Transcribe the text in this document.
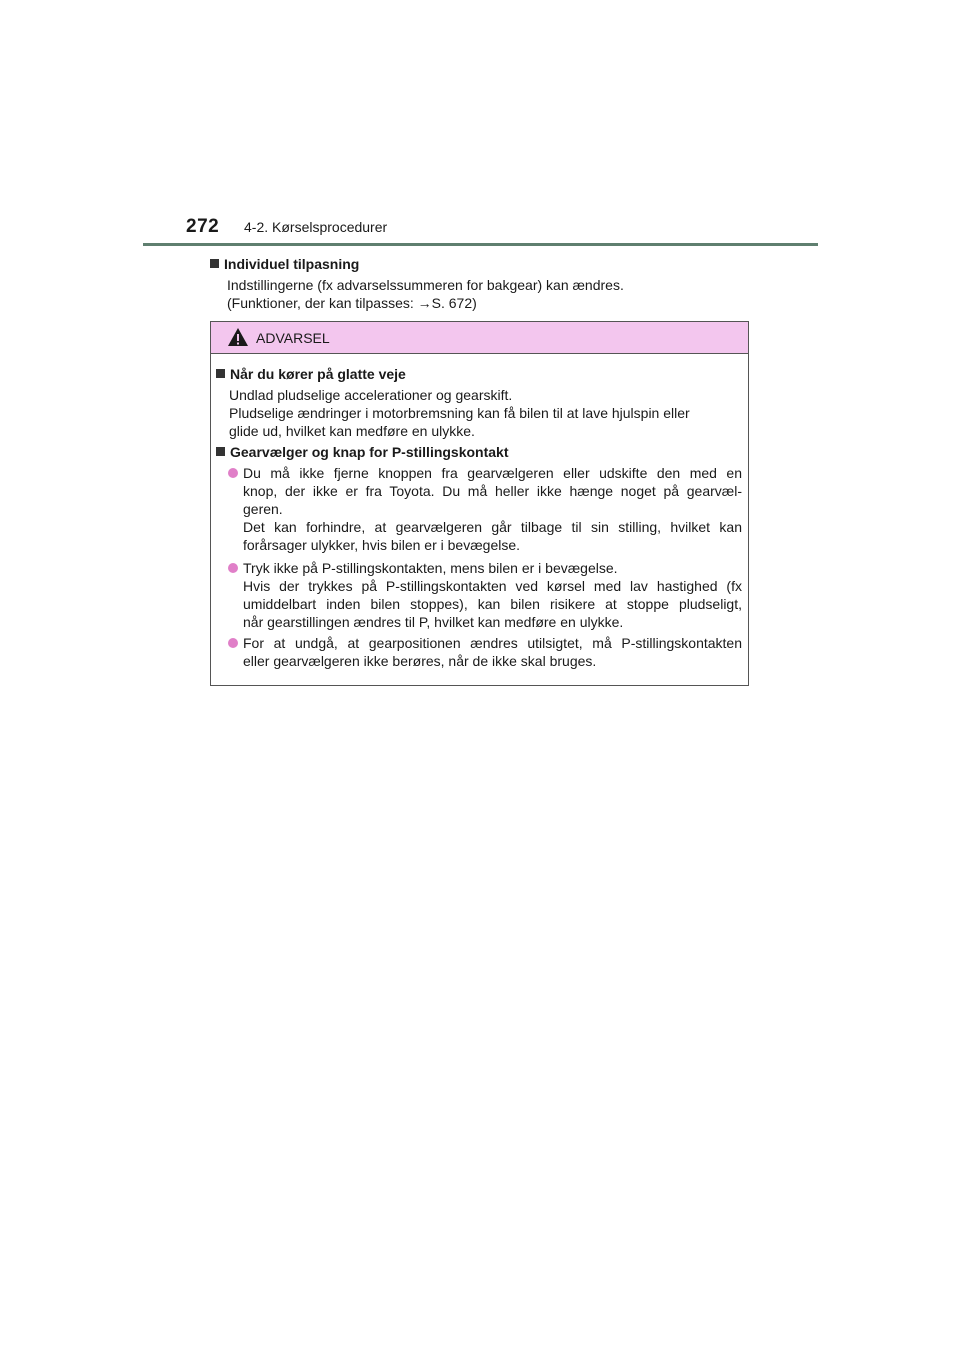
272	4-2. Kørselsprocedurer
Individuel tilpasning
Indstillingerne (fx advarselssummeren for bakgear) kan ændres.
(Funktioner, der kan tilpasses: →S. 672)
ADVARSEL
Når du kører på glatte veje
Undlad pludselige accelerationer og gearskift.
Pludselige ændringer i motorbremsning kan få bilen til at lave hjulspin eller
glide ud, hvilket kan medføre en ulykke.
Gearvælger og knap for P-stillingskontakt
Du må ikke fjerne knoppen fra gearvælgeren eller udskifte den med en
knop, der ikke er fra Toyota. Du må heller ikke hænge noget på gearvæl-
geren.
Det kan forhindre, at gearvælgeren går tilbage til sin stilling, hvilket kan
forårsager ulykker, hvis bilen er i bevægelse.
Tryk ikke på P-stillingskontakten, mens bilen er i bevægelse.
Hvis der trykkes på P-stillingskontakten ved kørsel med lav hastighed (fx
umiddelbart inden bilen stoppes), kan bilen risikere at stoppe pludseligt,
når gearstillingen ændres til P, hvilket kan medføre en ulykke.
For at undgå, at gearpositionen ændres utilsigtet, må P-stillingskontakten
eller gearvælgeren ikke berøres, når de ikke skal bruges.
